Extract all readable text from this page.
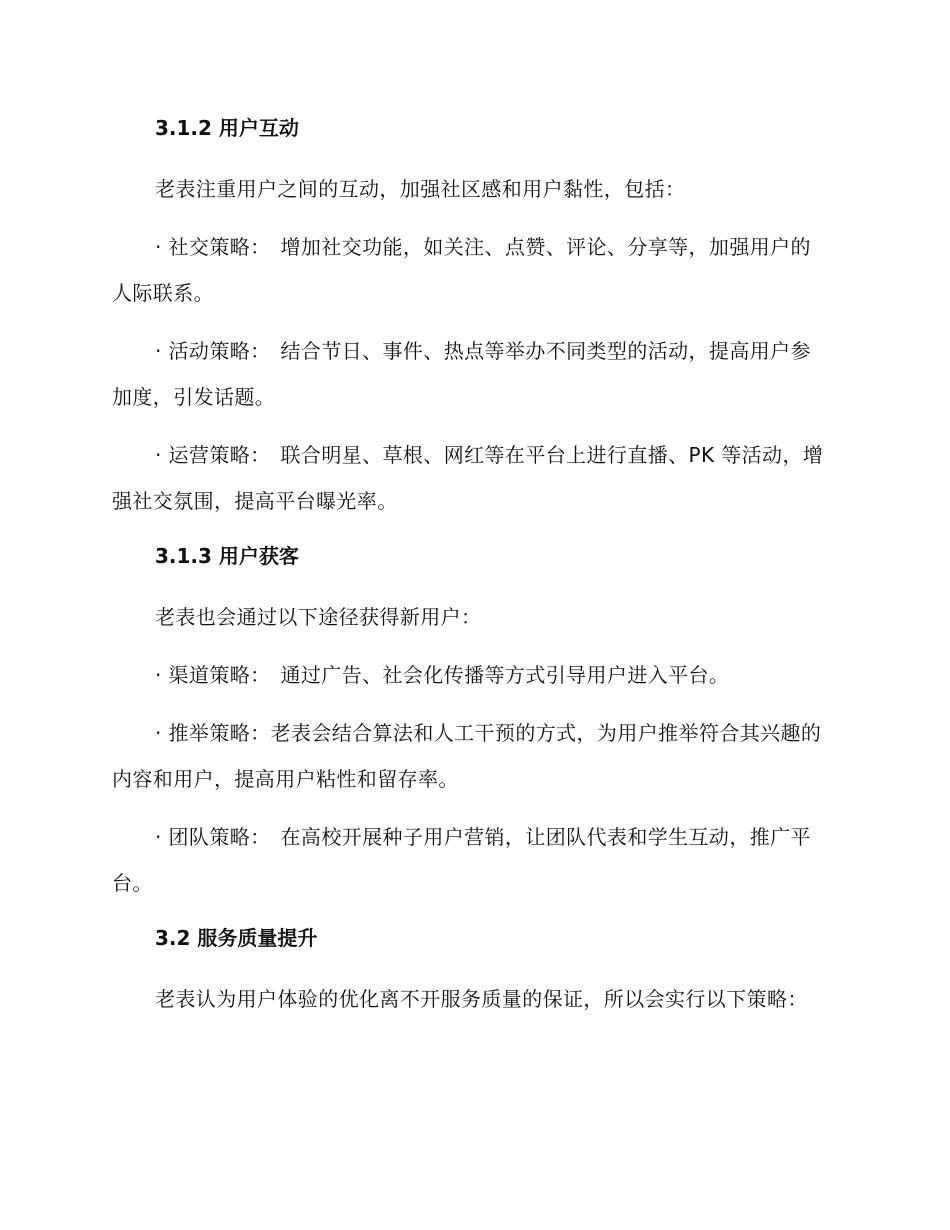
3.1.2 用户互动

老表注重用户之间的互动，加强社区感和用户黏性，包括：

· 社交策略： 增加社交功能，如关注、点赞、评论、分享等，加强用户的人际联系。

· 活动策略： 结合节日、事件、热点等举办不同类型的活动，提高用户参加度，引发话题。

· 运营策略： 联合明星、草根、网红等在平台上进行直播、PK 等活动，增强社交氛围，提高平台曝光率。

3.1.3 用户获客

老表也会通过以下途径获得新用户：

· 渠道策略： 通过广告、社会化传播等方式引导用户进入平台。

· 推举策略：老表会结合算法和人工干预的方式，为用户推举符合其兴趣的内容和用户，提高用户粘性和留存率。

· 团队策略： 在高校开展种子用户营销，让团队代表和学生互动，推广平台。

3.2 服务质量提升

老表认为用户体验的优化离不开服务质量的保证，所以会实行以下策略：
